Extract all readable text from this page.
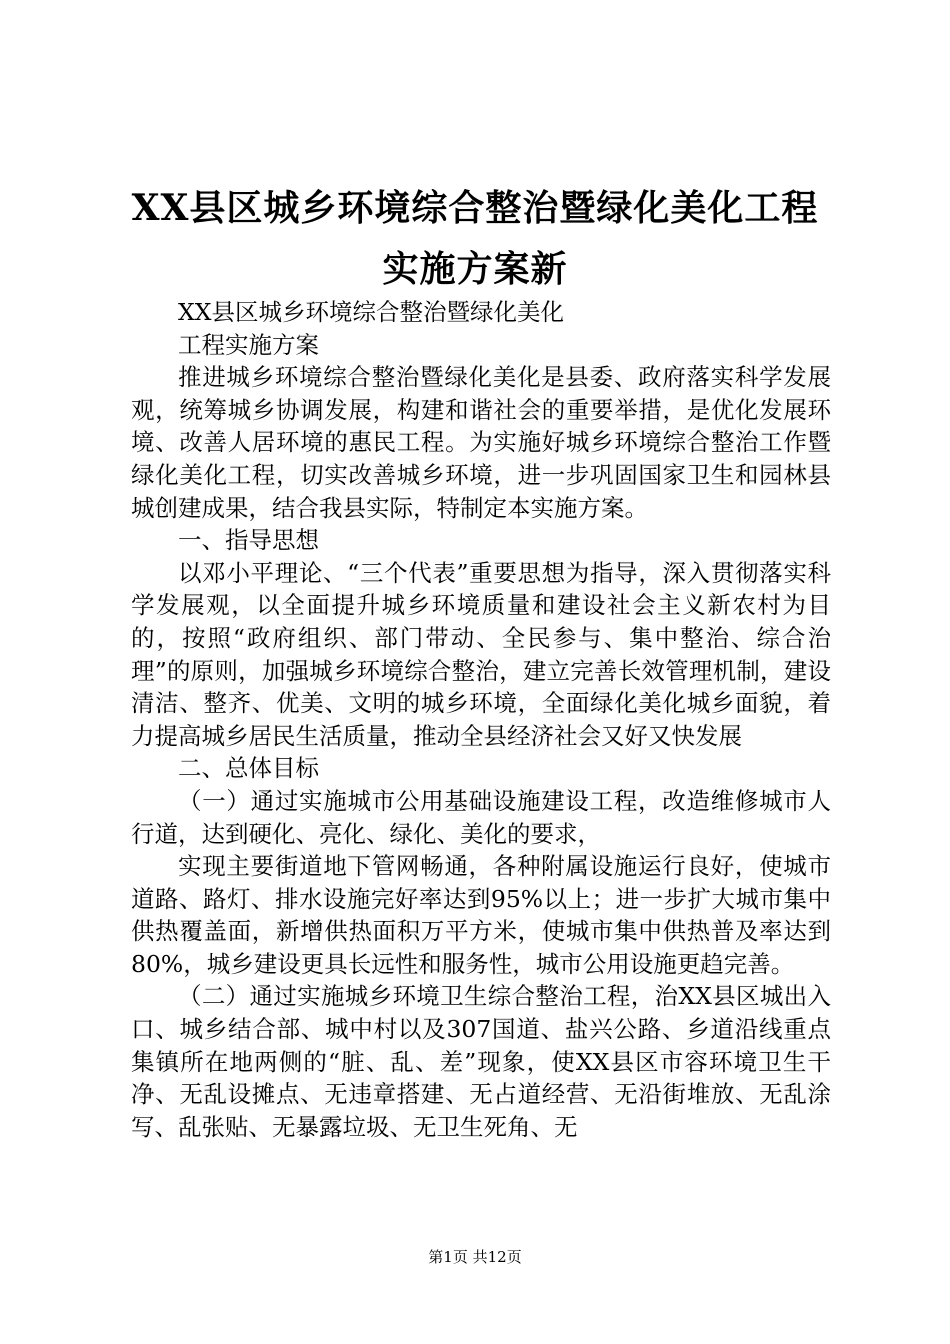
XX县区城乡环境综合整治暨绿化美化工程实施方案新

XX县区城乡环境综合整治暨绿化美化

工程实施方案

推进城乡环境综合整治暨绿化美化是县委、政府落实科学发展观，统筹城乡协调发展，构建和谐社会的重要举措，是优化发展环境、改善人居环境的惠民工程。为实施好城乡环境综合整治工作暨绿化美化工程，切实改善城乡环境，进一步巩固国家卫生和园林县城创建成果，结合我县实际，特制定本实施方案。

一、指导思想

以邓小平理论、“三个代表”重要思想为指导，深入贯彻落实科学发展观，以全面提升城乡环境质量和建设社会主义新农村为目的，按照“政府组织、部门带动、全民参与、集中整治、综合治理”的原则，加强城乡环境综合整治，建立完善长效管理机制，建设清洁、整齐、优美、文明的城乡环境，全面绿化美化城乡面貌，着力提高城乡居民生活质量，推动全县经济社会又好又快发展

二、总体目标

（一）通过实施城市公用基础设施建设工程，改造维修城市人行道，达到硬化、亮化、绿化、美化的要求，

实现主要街道地下管网畅通，各种附属设施运行良好，使城市道路、路灯、排水设施完好率达到95%以上；进一步扩大城市集中供热覆盖面，新增供热面积万平方米，使城市集中供热普及率达到80%，城乡建设更具长远性和服务性，城市公用设施更趋完善。

（二）通过实施城乡环境卫生综合整治工程，治XX县区城出入口、城乡结合部、城中村以及307国道、盐兴公路、乡道沿线重点集镇所在地两侧的“脏、乱、差”现象，使XX县区市容环境卫生干净、无乱设摊点、无违章搭建、无占道经营、无沿街堆放、无乱涂写、乱张贴、无暴露垃圾、无卫生死角、无

第1页 共12页
